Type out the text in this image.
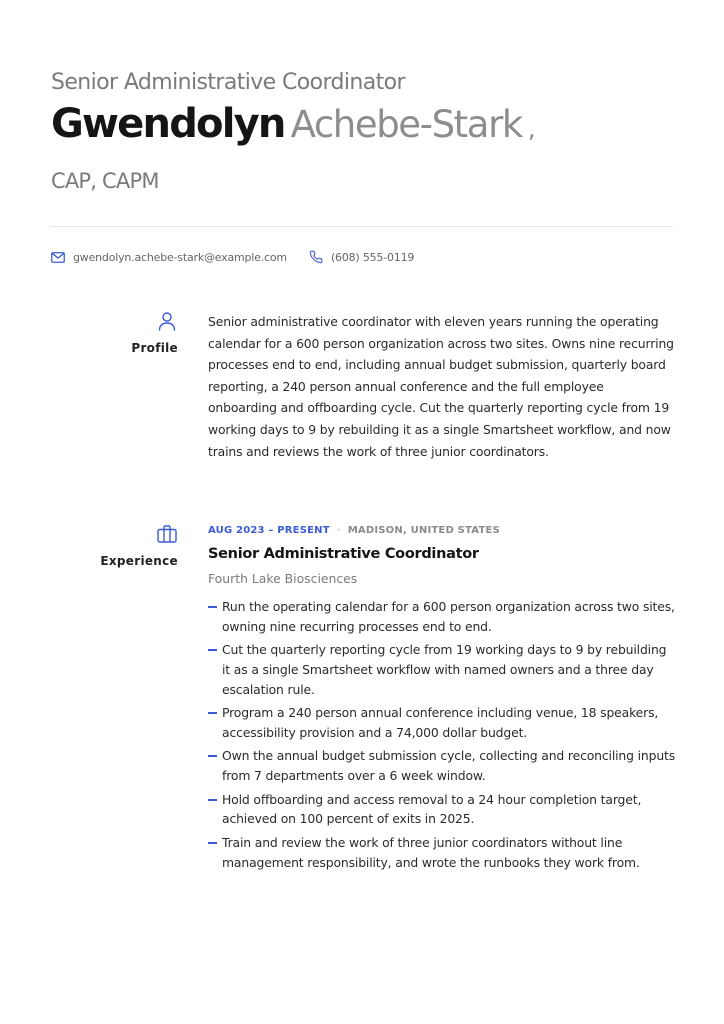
Senior Administrative Coordinator
Gwendolyn Achebe-Stark ,
CAP, CAPM
gwendolyn.achebe-stark@example.com	(608) 555-0119
Profile
Senior administrative coordinator with eleven years running the operating calendar for a 600 person organization across two sites. Owns nine recurring processes end to end, including annual budget submission, quarterly board reporting, a 240 person annual conference and the full employee onboarding and offboarding cycle. Cut the quarterly reporting cycle from 19 working days to 9 by rebuilding it as a single Smartsheet workflow, and now trains and reviews the work of three junior coordinators.
Experience
AUG 2023 – PRESENT · MADISON, UNITED STATES
Senior Administrative Coordinator
Fourth Lake Biosciences
Run the operating calendar for a 600 person organization across two sites, owning nine recurring processes end to end.
Cut the quarterly reporting cycle from 19 working days to 9 by rebuilding it as a single Smartsheet workflow with named owners and a three day escalation rule.
Program a 240 person annual conference including venue, 18 speakers, accessibility provision and a 74,000 dollar budget.
Own the annual budget submission cycle, collecting and reconciling inputs from 7 departments over a 6 week window.
Hold offboarding and access removal to a 24 hour completion target, achieved on 100 percent of exits in 2025.
Train and review the work of three junior coordinators without line management responsibility, and wrote the runbooks they work from.
